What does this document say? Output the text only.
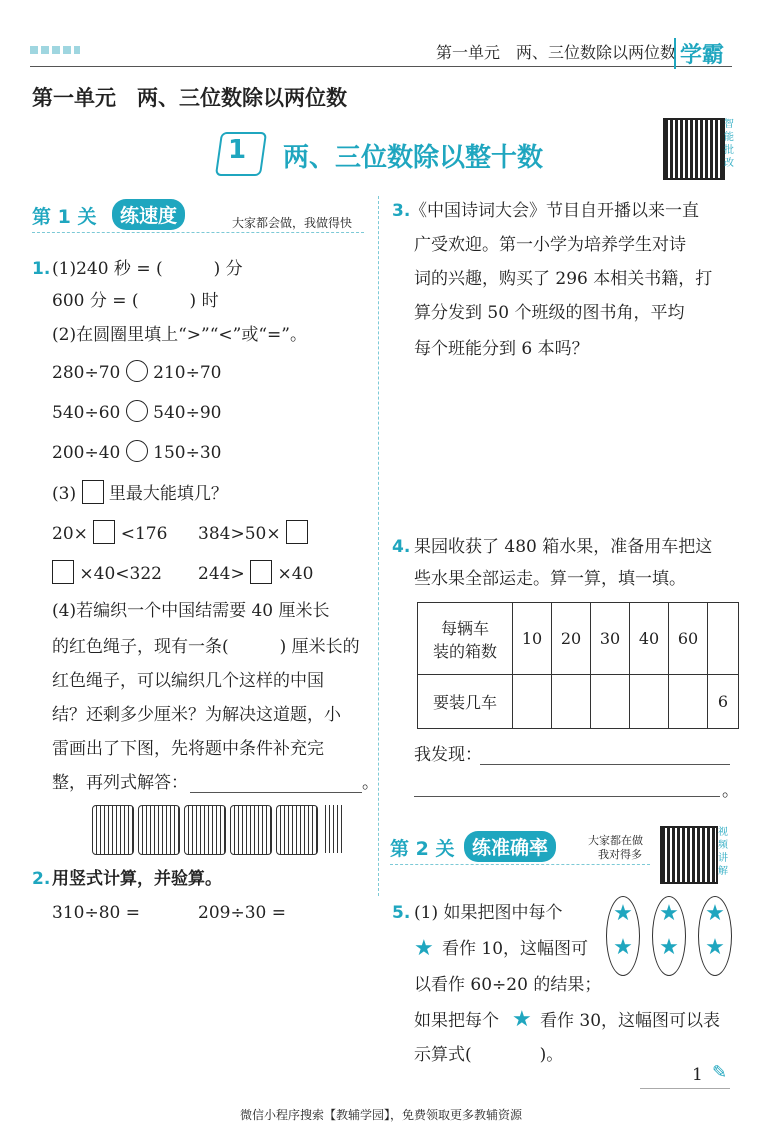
第一单元　两、三位数除以两位数 学霸
第一单元　两、三位数除以两位数
1 两、三位数除以整十数
智能批改
第 1 关	练速度	大家都会做，我做得快
1. (1)240 秒 = (　　　) 分
600 分 = (　　　) 时
(2)在圆圈里填上“>”“<”或“=”。
280÷70 210÷70
540÷60 540÷90
200÷40 150÷30
(3) 里最大能填几？
20× <176 384>50×
×40<322 244> ×40
(4)若编织一个中国结需要 40 厘米长
的红色绳子，现有一条(　　　) 厘米长的
红色绳子，可以编织几个这样的中国
结？还剩多少厘米？为解决这道题，小
雷画出了下图，先将题中条件补充完
整，再列式解答：	。
2. 用竖式计算，并验算。
310÷80 =	209÷30 =
3. 《中国诗词大会》节目自开播以来一直
广受欢迎。第一小学为培养学生对诗
词的兴趣，购买了 296 本相关书籍，打
算分发到 50 个班级的图书角，平均
每个班能分到 6 本吗？
4. 果园收获了 480 箱水果，准备用车把这
些水果全部运走。算一算，填一填。
每辆车
装的箱数	10	20	30	40	60	
要装几车						6
我发现：
。
第 2 关 练准确率	大家都在做
我对得多
视频讲解
5. (1) 如果把图中每个
★ 看作 10，这幅图可
以看作 60÷20 的结果；
如果把每个 ★ 看作 30，这幅图可以表
示算式(　　　　)。
★
★
★
★
★
★
1 ✎
微信小程序搜索【教辅学园】，免费领取更多教辅资源
